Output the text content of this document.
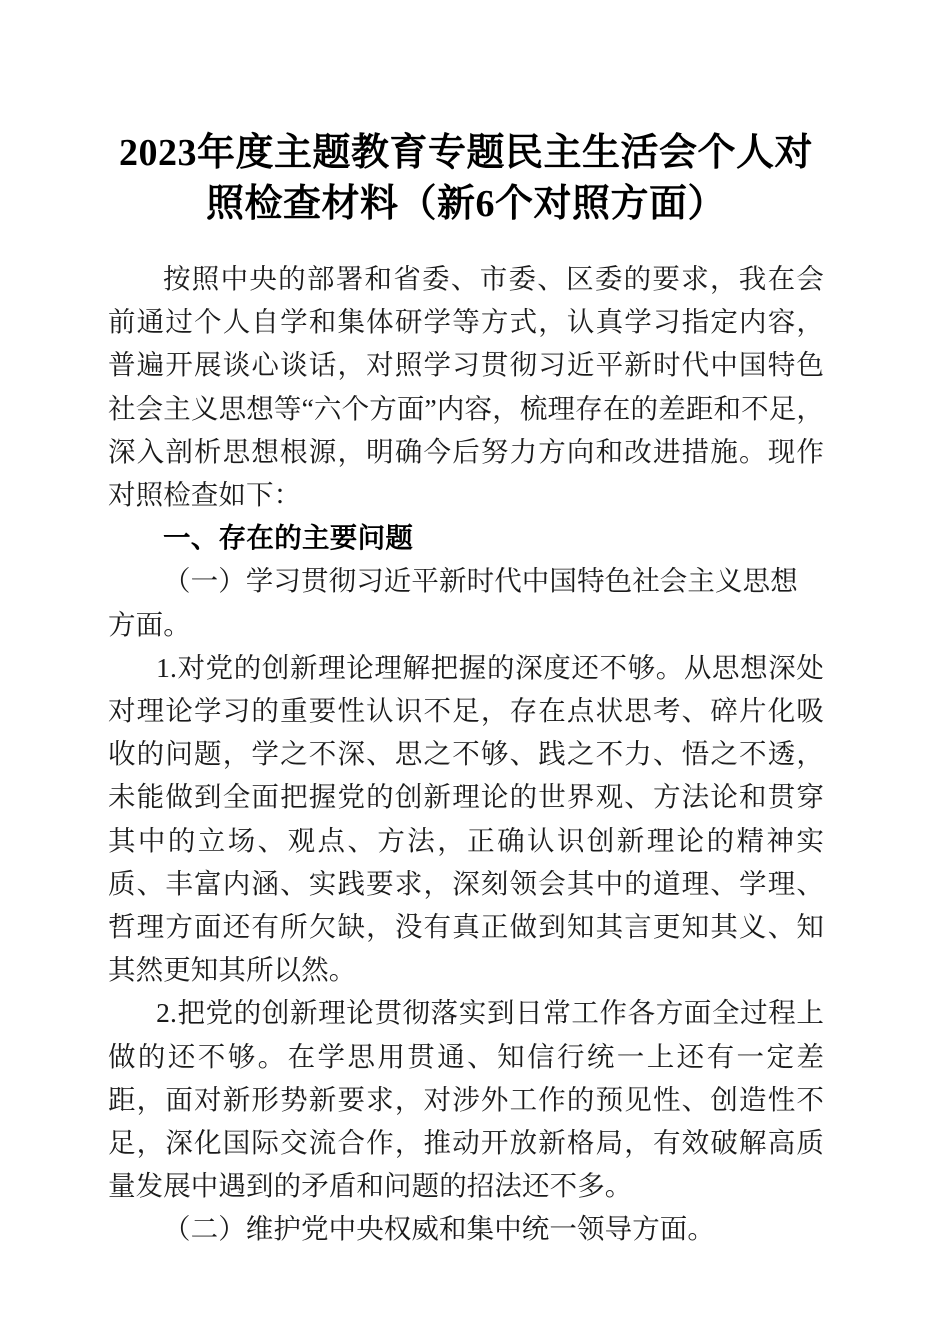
2023年度主题教育专题民主生活会个人对照检查材料（新6个对照方面）

按照中央的部署和省委、市委、区委的要求，我在会前通过个人自学和集体研学等方式，认真学习指定内容，普遍开展谈心谈话，对照学习贯彻习近平新时代中国特色社会主义思想等“六个方面”内容，梳理存在的差距和不足，深入剖析思想根源，明确今后努力方向和改进措施。现作对照检查如下：

一、存在的主要问题

（一）学习贯彻习近平新时代中国特色社会主义思想方面。

1.对党的创新理论理解把握的深度还不够。从思想深处对理论学习的重要性认识不足，存在点状思考、碎片化吸收的问题，学之不深、思之不够、践之不力、悟之不透，未能做到全面把握党的创新理论的世界观、方法论和贯穿其中的立场、观点、方法，正确认识创新理论的精神实质、丰富内涵、实践要求，深刻领会其中的道理、学理、哲理方面还有所欠缺，没有真正做到知其言更知其义、知其然更知其所以然。

2.把党的创新理论贯彻落实到日常工作各方面全过程上做的还不够。在学思用贯通、知信行统一上还有一定差距，面对新形势新要求，对涉外工作的预见性、创造性不足，深化国际交流合作，推动开放新格局，有效破解高质量发展中遇到的矛盾和问题的招法还不多。

（二）维护党中央权威和集中统一领导方面。
